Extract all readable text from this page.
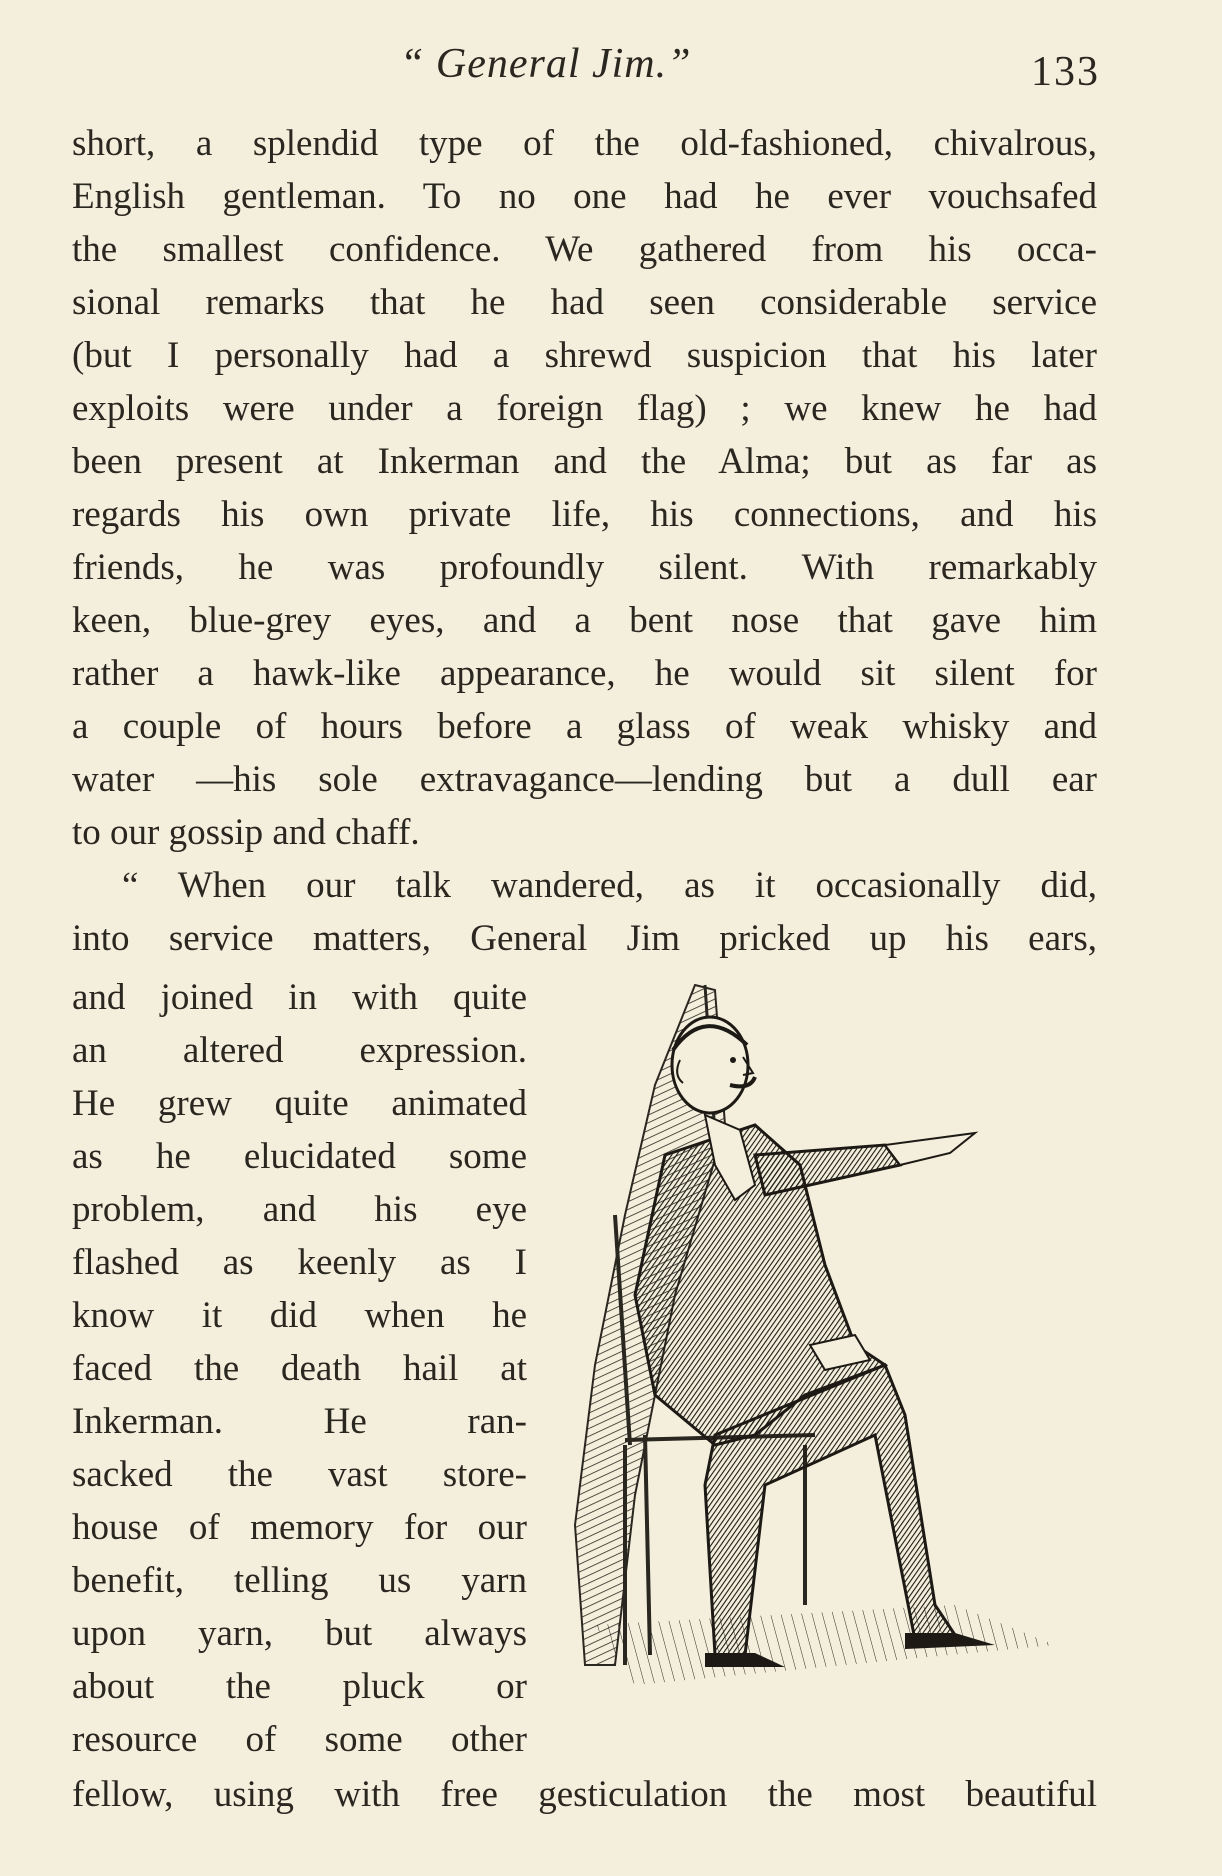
“ General Jim.”	133
short, a splendid type of the old-fashioned, chivalrous,
English gentleman. To no one had he ever vouchsafed
the smallest confidence. We gathered from his occa-
sional remarks that he had seen considerable service
(but I personally had a shrewd suspicion that his later
exploits were under a foreign flag) ; we knew he had
been present at Inkerman and the Alma; but as far as
regards his own private life, his connections, and his
friends, he was profoundly silent. With remarkably
keen, blue-grey eyes, and a bent nose that gave him
rather a hawk-like appearance, he would sit silent for
a couple of hours before a glass of weak whisky and
water —his sole extravagance—lending but a dull ear
to our gossip and chaff.
“ When our talk wandered, as it occasionally did,
into service matters, General Jim pricked up his ears,
and joined in with quite
an altered expression.
He grew quite animated
as he elucidated some
problem, and his eye
flashed as keenly as I
know it did when he
faced the death hail at
Inkerman. He ran-
sacked the vast store-
house of memory for our
benefit, telling us yarn
upon yarn, but always
about the pluck or
resource of some other
fellow, using with free gesticulation the most beautiful
